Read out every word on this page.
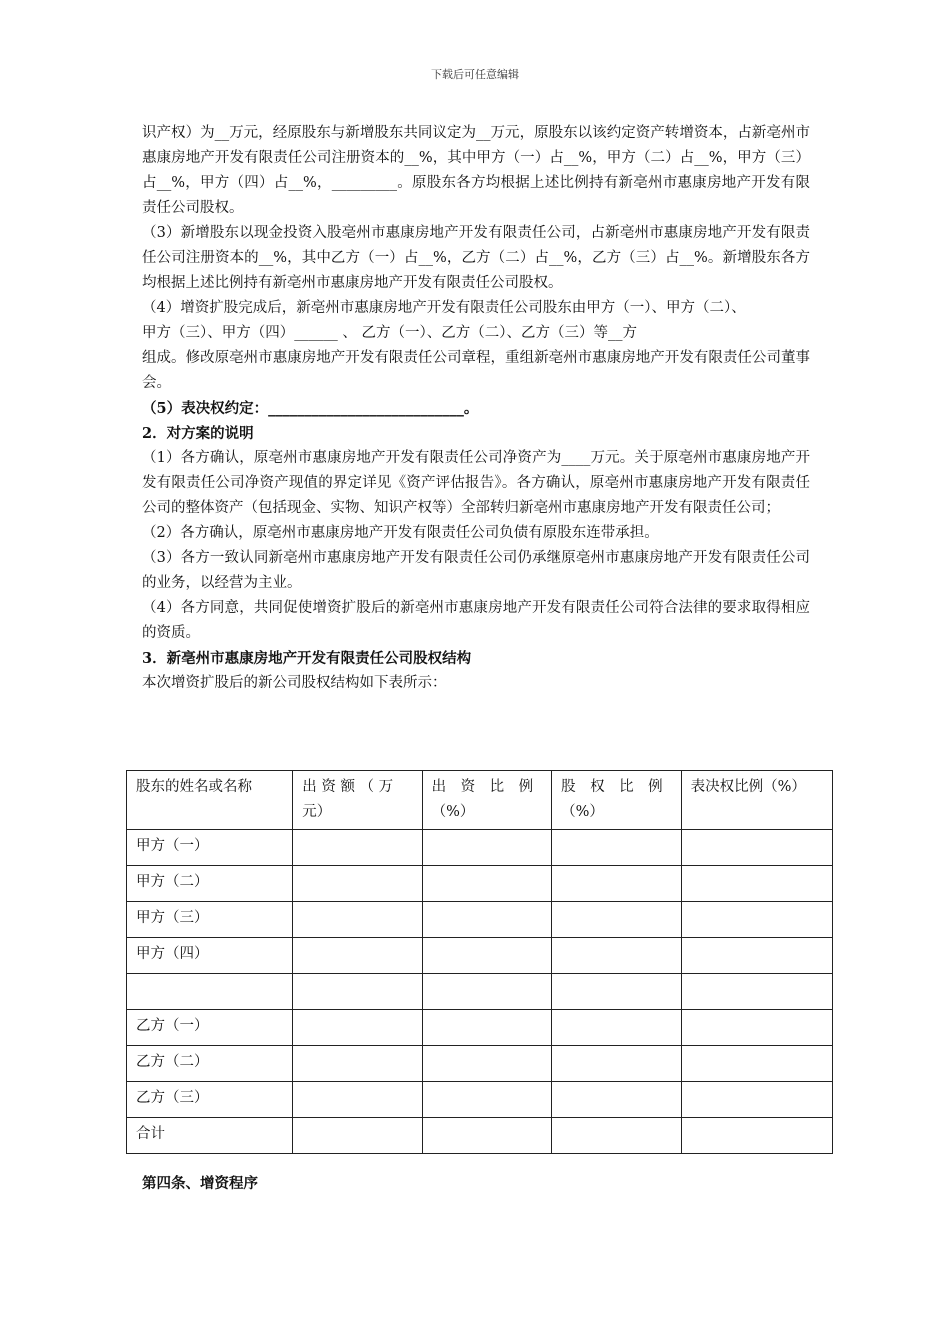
下载后可任意编辑

识产权）为__万元，经原股东与新增股东共同议定为__万元，原股东以该约定资产转增资本，占新亳州市惠康房地产开发有限责任公司注册资本的__%，其中甲方（一）占__%，甲方（二）占__%，甲方（三）占__%，甲方（四）占__%，_________。原股东各方均根据上述比例持有新亳州市惠康房地产开发有限责任公司股权。

（3）新增股东以现金投资入股亳州市惠康房地产开发有限责任公司，占新亳州市惠康房地产开发有限责任公司注册资本的__%，其中乙方（一）占__%，乙方（二）占__%，乙方（三）占__%。新增股东各方均根据上述比例持有新亳州市惠康房地产开发有限责任公司股权。

（4）增资扩股完成后，新亳州市惠康房地产开发有限责任公司股东由甲方（一）、甲方（二）、

甲方（三）、甲方（四）______ 、 乙方（一）、乙方（二）、乙方（三）等__方

组成。修改原亳州市惠康房地产开发有限责任公司章程，重组新亳州市惠康房地产开发有限责任公司董事会。

（5）表决权约定：___________________________。

2．对方案的说明

（1）各方确认，原亳州市惠康房地产开发有限责任公司净资产为____万元。关于原亳州市惠康房地产开发有限责任公司净资产现值的界定详见《资产评估报告》。各方确认，原亳州市惠康房地产开发有限责任公司的整体资产（包括现金、实物、知识产权等）全部转归新亳州市惠康房地产开发有限责任公司；

（2）各方确认，原亳州市惠康房地产开发有限责任公司负债有原股东连带承担。

（3）各方一致认同新亳州市惠康房地产开发有限责任公司仍承继原亳州市惠康房地产开发有限责任公司的业务，以经营为主业。

（4）各方同意，共同促使增资扩股后的新亳州市惠康房地产开发有限责任公司符合法律的要求取得相应的资质。

3．新亳州市惠康房地产开发有限责任公司股权结构

本次增资扩股后的新公司股权结构如下表所示：

股东的姓名或名称	出 资 额 （ 万 元）	出　资　比　例 （%）	股　权　比　例 （%）	表决权比例（%）
甲方（一）				
甲方（二）				
甲方（三）				
甲方（四）				

乙方（一）				
乙方（二）				
乙方（三）				
合计				
第四条、增资程序
